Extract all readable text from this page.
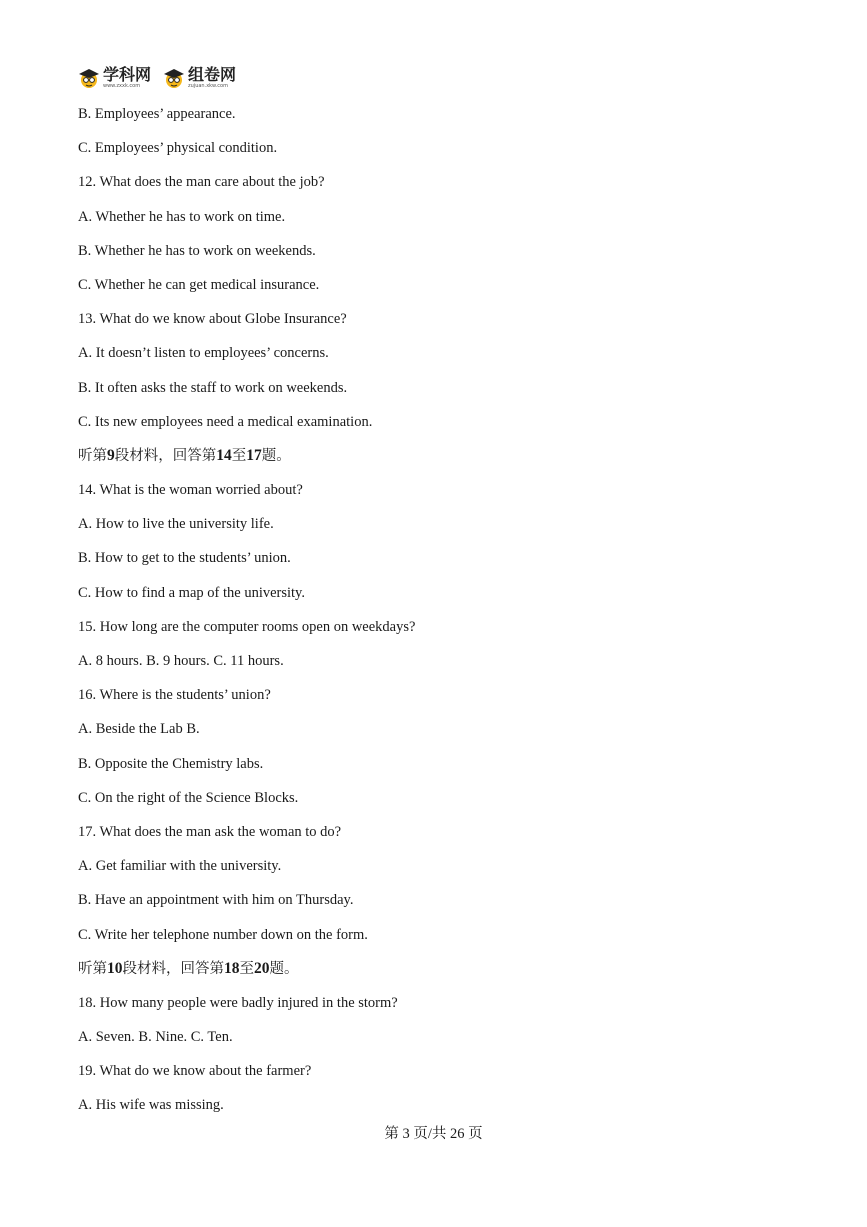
学科网
www.zxxk.com
组卷网
zujuan.xkw.com
B. Employees’ appearance.
C. Employees’ physical condition.
12. What does the man care about the job?
A. Whether he has to work on time.
B. Whether he has to work on weekends.
C. Whether he can get medical insurance.
13. What do we know about Globe Insurance?
A. It doesn’t listen to employees’ concerns.
B. It often asks the staff to work on weekends.
C. Its new employees need a medical examination.
听第9段材料，回答第14至17题。
14. What is the woman worried about?
A. How to live the university life.
B. How to get to the students’ union.
C. How to find a map of the university.
15. How long are the computer rooms open on weekdays?
A. 8 hours. B. 9 hours. C. 11 hours.
16. Where is the students’ union?
A. Beside the Lab B.
B. Opposite the Chemistry labs.
C. On the right of the Science Blocks.
17. What does the man ask the woman to do?
A. Get familiar with the university.
B. Have an appointment with him on Thursday.
C. Write her telephone number down on the form.
听第10段材料，回答第18至20题。
18. How many people were badly injured in the storm?
A. Seven. B. Nine. C. Ten.
19. What do we know about the farmer?
A. His wife was missing.
第 3 页/共 26 页
